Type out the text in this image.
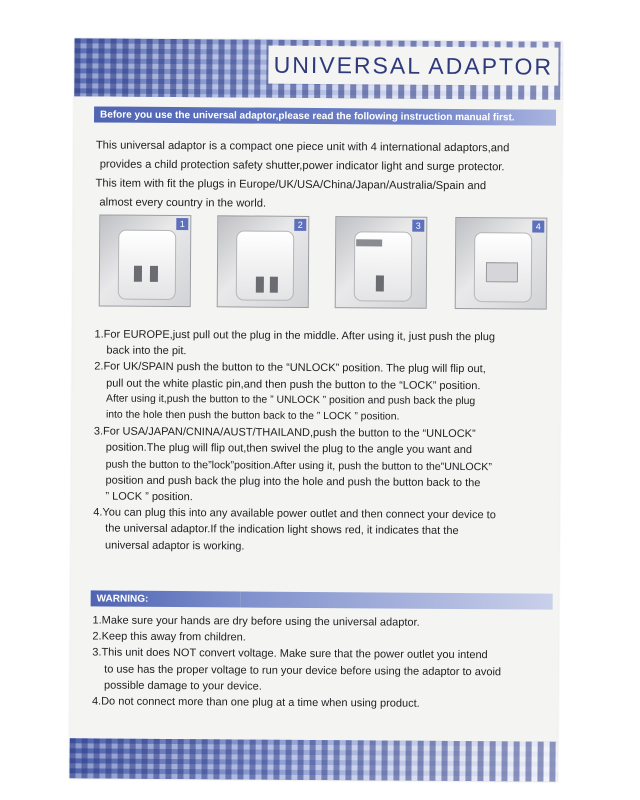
UNIVERSAL ADAPTOR
Before you use the universal adaptor,please read the following instruction manual first.

This universal adaptor is a compact one piece unit with 4 international adaptors,and
provides a child protection safety shutter,power indicator light and surge protector.
This item with fit the plugs in Europe/UK/USA/China/Japan/Australia/Spain and
almost every country in the world.

1	2	3	4
1.For EUROPE,just pull out the plug in the middle. After using it, just push the plug
back into the pit.
2.For UK/SPAIN push the button to the “UNLOCK” position. The plug will flip out,
pull out the white plastic pin,and then push the button to the “LOCK” position.
After using it,push the button to the ” UNLOCK ” position and push back the plug
into the hole then push the button back to the ” LOCK ” position.
3.For USA/JAPAN/CNINA/AUST/THAILAND,push the button to the “UNLOCK”
position.The plug will flip out,then swivel the plug to the angle you want and
push the button to the”lock”position.After using it, push the button to the”UNLOCK”
position and push back the plug into the hole and push the button back to the
” LOCK ” position.
4.You can plug this into any available power outlet and then connect your device to
the universal adaptor.If the indication light shows red, it indicates that the
universal adaptor is working.
WARNING:
1.Make sure your hands are dry before using the universal adaptor.
2.Keep this away from children.
3.This unit does NOT convert voltage. Make sure that the power outlet you intend
to use has the proper voltage to run your device before using the adaptor to avoid
possible damage to your device.
4.Do not connect more than one plug at a time when using product.
